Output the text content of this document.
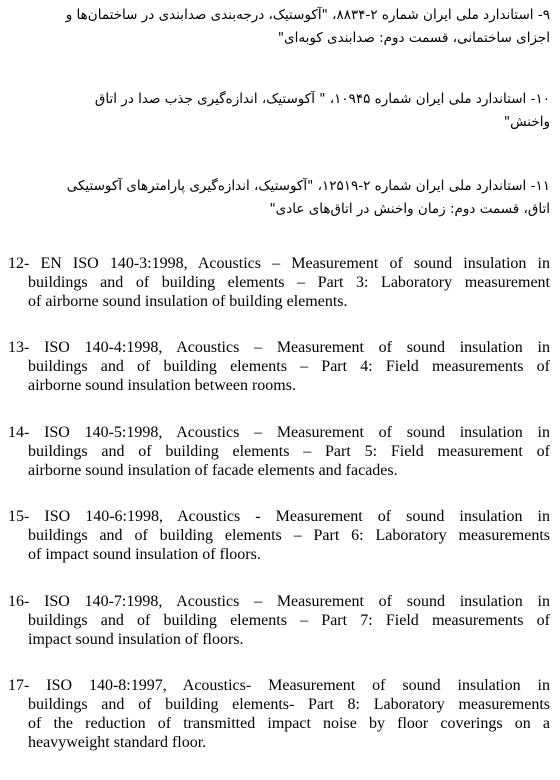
۹- استاندارد ملی ایران شماره ۲-۸۸۳۴، "آکوستیک، درجه‌بندی صدابندی در ساختمان‌ها و
اجزای ساختمانی، قسمت دوم: صدابندی کوبه‌ای"
۱۰- استاندارد ملی ایران شماره ۱۰۹۴۵، " آکوستیک، اندازه‌گیری جذب صدا در اتاق
واخنش"
۱۱- استاندارد ملی ایران شماره ۲-۱۲۵۱۹، "آکوستیک، اندازه‌گیری پارامترهای آکوستیکی
اتاق، قسمت دوم: زمان واخنش در اتاق‌های عادی"
12- EN ISO 140-3:1998, Acoustics – Measurement of sound insulation in
buildings and of building elements – Part 3: Laboratory measurement
of airborne sound insulation of building elements.
13- ISO 140-4:1998, Acoustics – Measurement of sound insulation in
buildings and of building elements – Part 4: Field measurements of
airborne sound insulation between rooms.
14- ISO 140-5:1998, Acoustics – Measurement of sound insulation in
buildings and of building elements – Part 5: Field measurement of
airborne sound insulation of facade elements and facades.
15- ISO 140-6:1998, Acoustics - Measurement of sound insulation in
buildings and of building elements – Part 6: Laboratory measurements
of impact sound insulation of floors.
16- ISO 140-7:1998, Acoustics – Measurement of sound insulation in
buildings and of building elements – Part 7: Field measurements of
impact sound insulation of floors.
17- ISO 140-8:1997, Acoustics- Measurement of sound insulation in
buildings and of building elements- Part 8: Laboratory measurements
of the reduction of transmitted impact noise by floor coverings on a
heavyweight standard floor.
